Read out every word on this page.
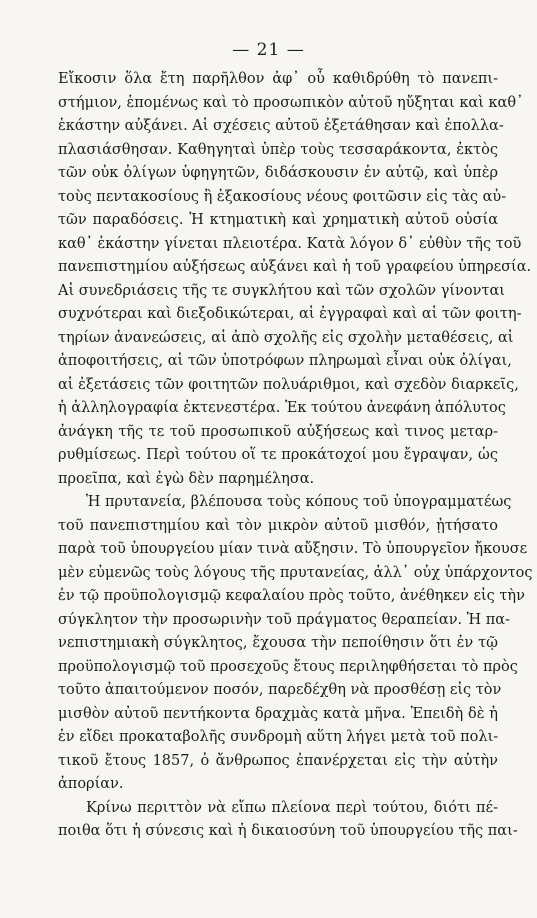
— 21 —
Εἴκοσιν ὅλα ἔτη παρῆλθον ἀφ᾽ οὗ καθιδρύθη τὸ πανεπι-
στήμιον, ἑπομένως καὶ τὸ προσωπικὸν αὐτοῦ ηὔξηται καὶ καθ᾽
ἑκάστην αὐξάνει. Αἱ σχέσεις αὐτοῦ ἐξετάθησαν καὶ ἐπολλα-
πλασιάσθησαν. Καθηγηταὶ ὑπὲρ τοὺς τεσσαράκοντα, ἐκτὸς
τῶν οὐκ ὀλίγων ὑφηγητῶν, διδάσκουσιν ἐν αὐτῷ, καὶ ὑπὲρ
τοὺς πεντακοσίους ἢ ἑξακοσίους νέους φοιτῶσιν εἰς τὰς αὐ-
τῶν παραδόσεις. Ἡ κτηματικὴ καὶ χρηματικὴ αὐτοῦ οὐσία
καθ᾽ ἑκάστην γίνεται πλειοτέρα. Κατὰ λόγον δ᾽ εὐθὺν τῆς τοῦ
πανεπιστημίου αὐξήσεως αὐξάνει καὶ ἡ τοῦ γραφείου ὑπηρεσία.
Αἱ συνεδριάσεις τῆς τε συγκλήτου καὶ τῶν σχολῶν γίνονται
συχνότεραι καὶ διεξοδικώτεραι, αἱ ἐγγραφαὶ καὶ αἱ τῶν φοιτη-
τηρίων ἀνανεώσεις, αἱ ἀπὸ σχολῆς εἰς σχολὴν μεταθέσεις, αἱ
ἀποφοιτήσεις, αἱ τῶν ὑποτρόφων πληρωμαὶ εἶναι οὐκ ὀλίγαι,
αἱ ἐξετάσεις τῶν φοιτητῶν πολυάριθμοι, καὶ σχεδὸν διαρκεῖς,
ἡ ἀλληλογραφία ἐκτενεστέρα. Ἐκ τούτου ἀνεφάνη ἀπόλυτος
ἀνάγκη τῆς τε τοῦ προσωπικοῦ αὐξήσεως καὶ τινος μεταρ-
ρυθμίσεως. Περὶ τούτου οἵ τε προκάτοχοί μου ἔγραψαν, ὡς
προεῖπα, καὶ ἐγὼ δὲν παρημέλησα.
Ἡ πρυτανεία, βλέπουσα τοὺς κόπους τοῦ ὑπογραμματέως
τοῦ πανεπιστημίου καὶ τὸν μικρὸν αὐτοῦ μισθόν, ᾐτήσατο
παρὰ τοῦ ὑπουργείου μίαν τινὰ αὔξησιν. Τὸ ὑπουργεῖον ἤκουσε
μὲν εὐμενῶς τοὺς λόγους τῆς πρυτανείας, ἀλλ᾽ οὐχ ὑπάρχοντος
ἐν τῷ προϋπολογισμῷ κεφαλαίου πρὸς τοῦτο, ἀνέθηκεν εἰς τὴν
σύγκλητον τὴν προσωρινὴν τοῦ πράγματος θεραπείαν. Ἡ πα-
νεπιστημιακὴ σύγκλητος, ἔχουσα τὴν πεποίθησιν ὅτι ἐν τῷ
προϋπολογισμῷ τοῦ προσεχοῦς ἔτους περιληφθήσεται τὸ πρὸς
τοῦτο ἀπαιτούμενον ποσόν, παρεδέχθη νὰ προσθέσῃ εἰς τὸν
μισθὸν αὐτοῦ πεντήκοντα δραχμὰς κατὰ μῆνα. Ἐπειδὴ δὲ ἡ
ἐν εἴδει προκαταβολῆς συνδρομὴ αὕτη λήγει μετὰ τοῦ πολι-
τικοῦ ἔτους 1857, ὁ ἄνθρωπος ἐπανέρχεται εἰς τὴν αὐτὴν
ἀπορίαν.
Κρίνω περιττὸν νὰ εἴπω πλείονα περὶ τούτου, διότι πέ-
ποιθα ὅτι ἡ σύνεσις καὶ ἡ δικαιοσύνη τοῦ ὑπουργείου τῆς παι-
